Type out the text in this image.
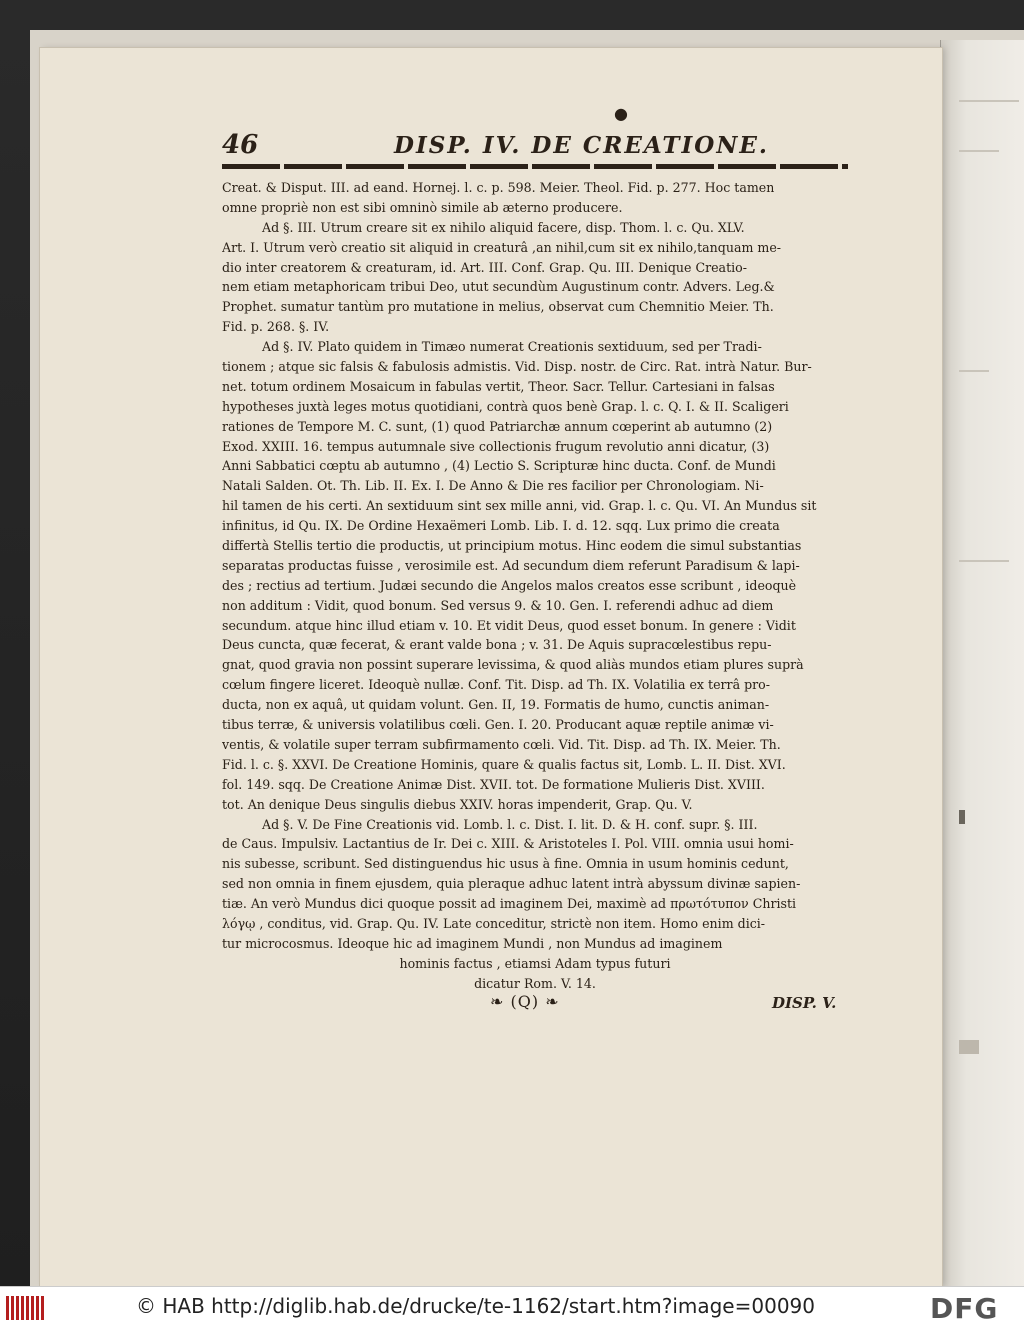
●
46	DISP. IV. DE CREATIONE.
Creat. & Disput. III. ad eand. Hornej. l. c. p. 598. Meier. Theol. Fid. p. 277. Hoc tamen
omne propriè non est sibi omninò simile ab æterno producere.
Ad §. III. Utrum creare sit ex nihilo aliquid facere, disp. Thom. l. c. Qu. XLV.
Art. I. Utrum verò creatio sit aliquid in creaturâ ,an nihil,cum sit ex nihilo,tanquam me-
dio inter creatorem & creaturam, id. Art. III. Conf. Grap. Qu. III. Denique Creatio-
nem etiam metaphoricam tribui Deo, utut secundùm Augustinum contr. Advers. Leg.&
Prophet. sumatur tantùm pro mutatione in melius, observat cum Chemnitio Meier. Th.
Fid. p. 268. §. IV.
Ad §. IV. Plato quidem in Timæo numerat Creationis sextiduum, sed per Tradi-
tionem ; atque sic falsis & fabulosis admistis. Vid. Disp. nostr. de Circ. Rat. intrà Natur. Bur-
net. totum ordinem Mosaicum in fabulas vertit, Theor. Sacr. Tellur. Cartesiani in falsas
hypotheses juxtà leges motus quotidiani, contrà quos benè Grap. l. c. Q. I. & II. Scaligeri
rationes de Tempore M. C. sunt, (1) quod Patriarchæ annum cœperint ab autumno (2)
Exod. XXIII. 16. tempus autumnale sive collectionis frugum revolutio anni dicatur, (3)
Anni Sabbatici cœptu ab autumno , (4) Lectio S. Scripturæ hinc ducta. Conf. de Mundi
Natali Salden. Ot. Th. Lib. II. Ex. I. De Anno & Die res facilior per Chronologiam. Ni-
hil tamen de his certi. An sextiduum sint sex mille anni, vid. Grap. l. c. Qu. VI. An Mundus sit
infinitus, id Qu. IX. De Ordine Hexaëmeri Lomb. Lib. I. d. 12. sqq. Lux primo die creata
differtà Stellis tertio die productis, ut principium motus. Hinc eodem die simul substantias
separatas productas fuisse , verosimile est. Ad secundum diem referunt Paradisum & lapi-
des ; rectius ad tertium. Judæi secundo die Angelos malos creatos esse scribunt , ideoquè
non additum : Vidit, quod bonum. Sed versus 9. & 10. Gen. I. referendi adhuc ad diem
secundum. atque hinc illud etiam v. 10. Et vidit Deus, quod esset bonum. In genere : Vidit
Deus cuncta, quæ fecerat, & erant valde bona ; v. 31. De Aquis supracœlestibus repu-
gnat, quod gravia non possint superare levissima, & quod aliàs mundos etiam plures suprà
cœlum fingere liceret. Ideoquè nullæ. Conf. Tit. Disp. ad Th. IX. Volatilia ex terrâ pro-
ducta, non ex aquâ, ut quidam volunt. Gen. II, 19. Formatis de humo, cunctis animan-
tibus terræ, & universis volatilibus cœli. Gen. I. 20. Producant aquæ reptile animæ vi-
ventis, & volatile super terram subfirmamento cœli. Vid. Tit. Disp. ad Th. IX. Meier. Th.
Fid. l. c. §. XXVI. De Creatione Hominis, quare & qualis factus sit, Lomb. L. II. Dist. XVI.
fol. 149. sqq. De Creatione Animæ Dist. XVII. tot. De formatione Mulieris Dist. XVIII.
tot. An denique Deus singulis diebus XXIV. horas impenderit, Grap. Qu. V.
Ad §. V. De Fine Creationis vid. Lomb. l. c. Dist. I. lit. D. & H. conf. supr. §. III.
de Caus. Impulsiv. Lactantius de Ir. Dei c. XIII. & Aristoteles I. Pol. VIII. omnia usui homi-
nis subesse, scribunt. Sed distinguendus hic usus à fine. Omnia in usum hominis cedunt,
sed non omnia in finem ejusdem, quia pleraque adhuc latent intrà abyssum divinæ sapien-
tiæ. An verò Mundus dici quoque possit ad imaginem Dei, maximè ad πρωτότυπον Christi
λόγῳ , conditus, vid. Grap. Qu. IV. Late conceditur, strictè non item. Homo enim dici-
tur microcosmus. Ideoque hic ad imaginem Mundi , non Mundus ad imaginem
hominis factus , etiamsi Adam typus futuri
dicatur Rom. V. 14.
❧ (Q) ❧	DISP. V.
© HAB http://diglib.hab.de/drucke/te-1162/start.htm?image=00090	DFG
